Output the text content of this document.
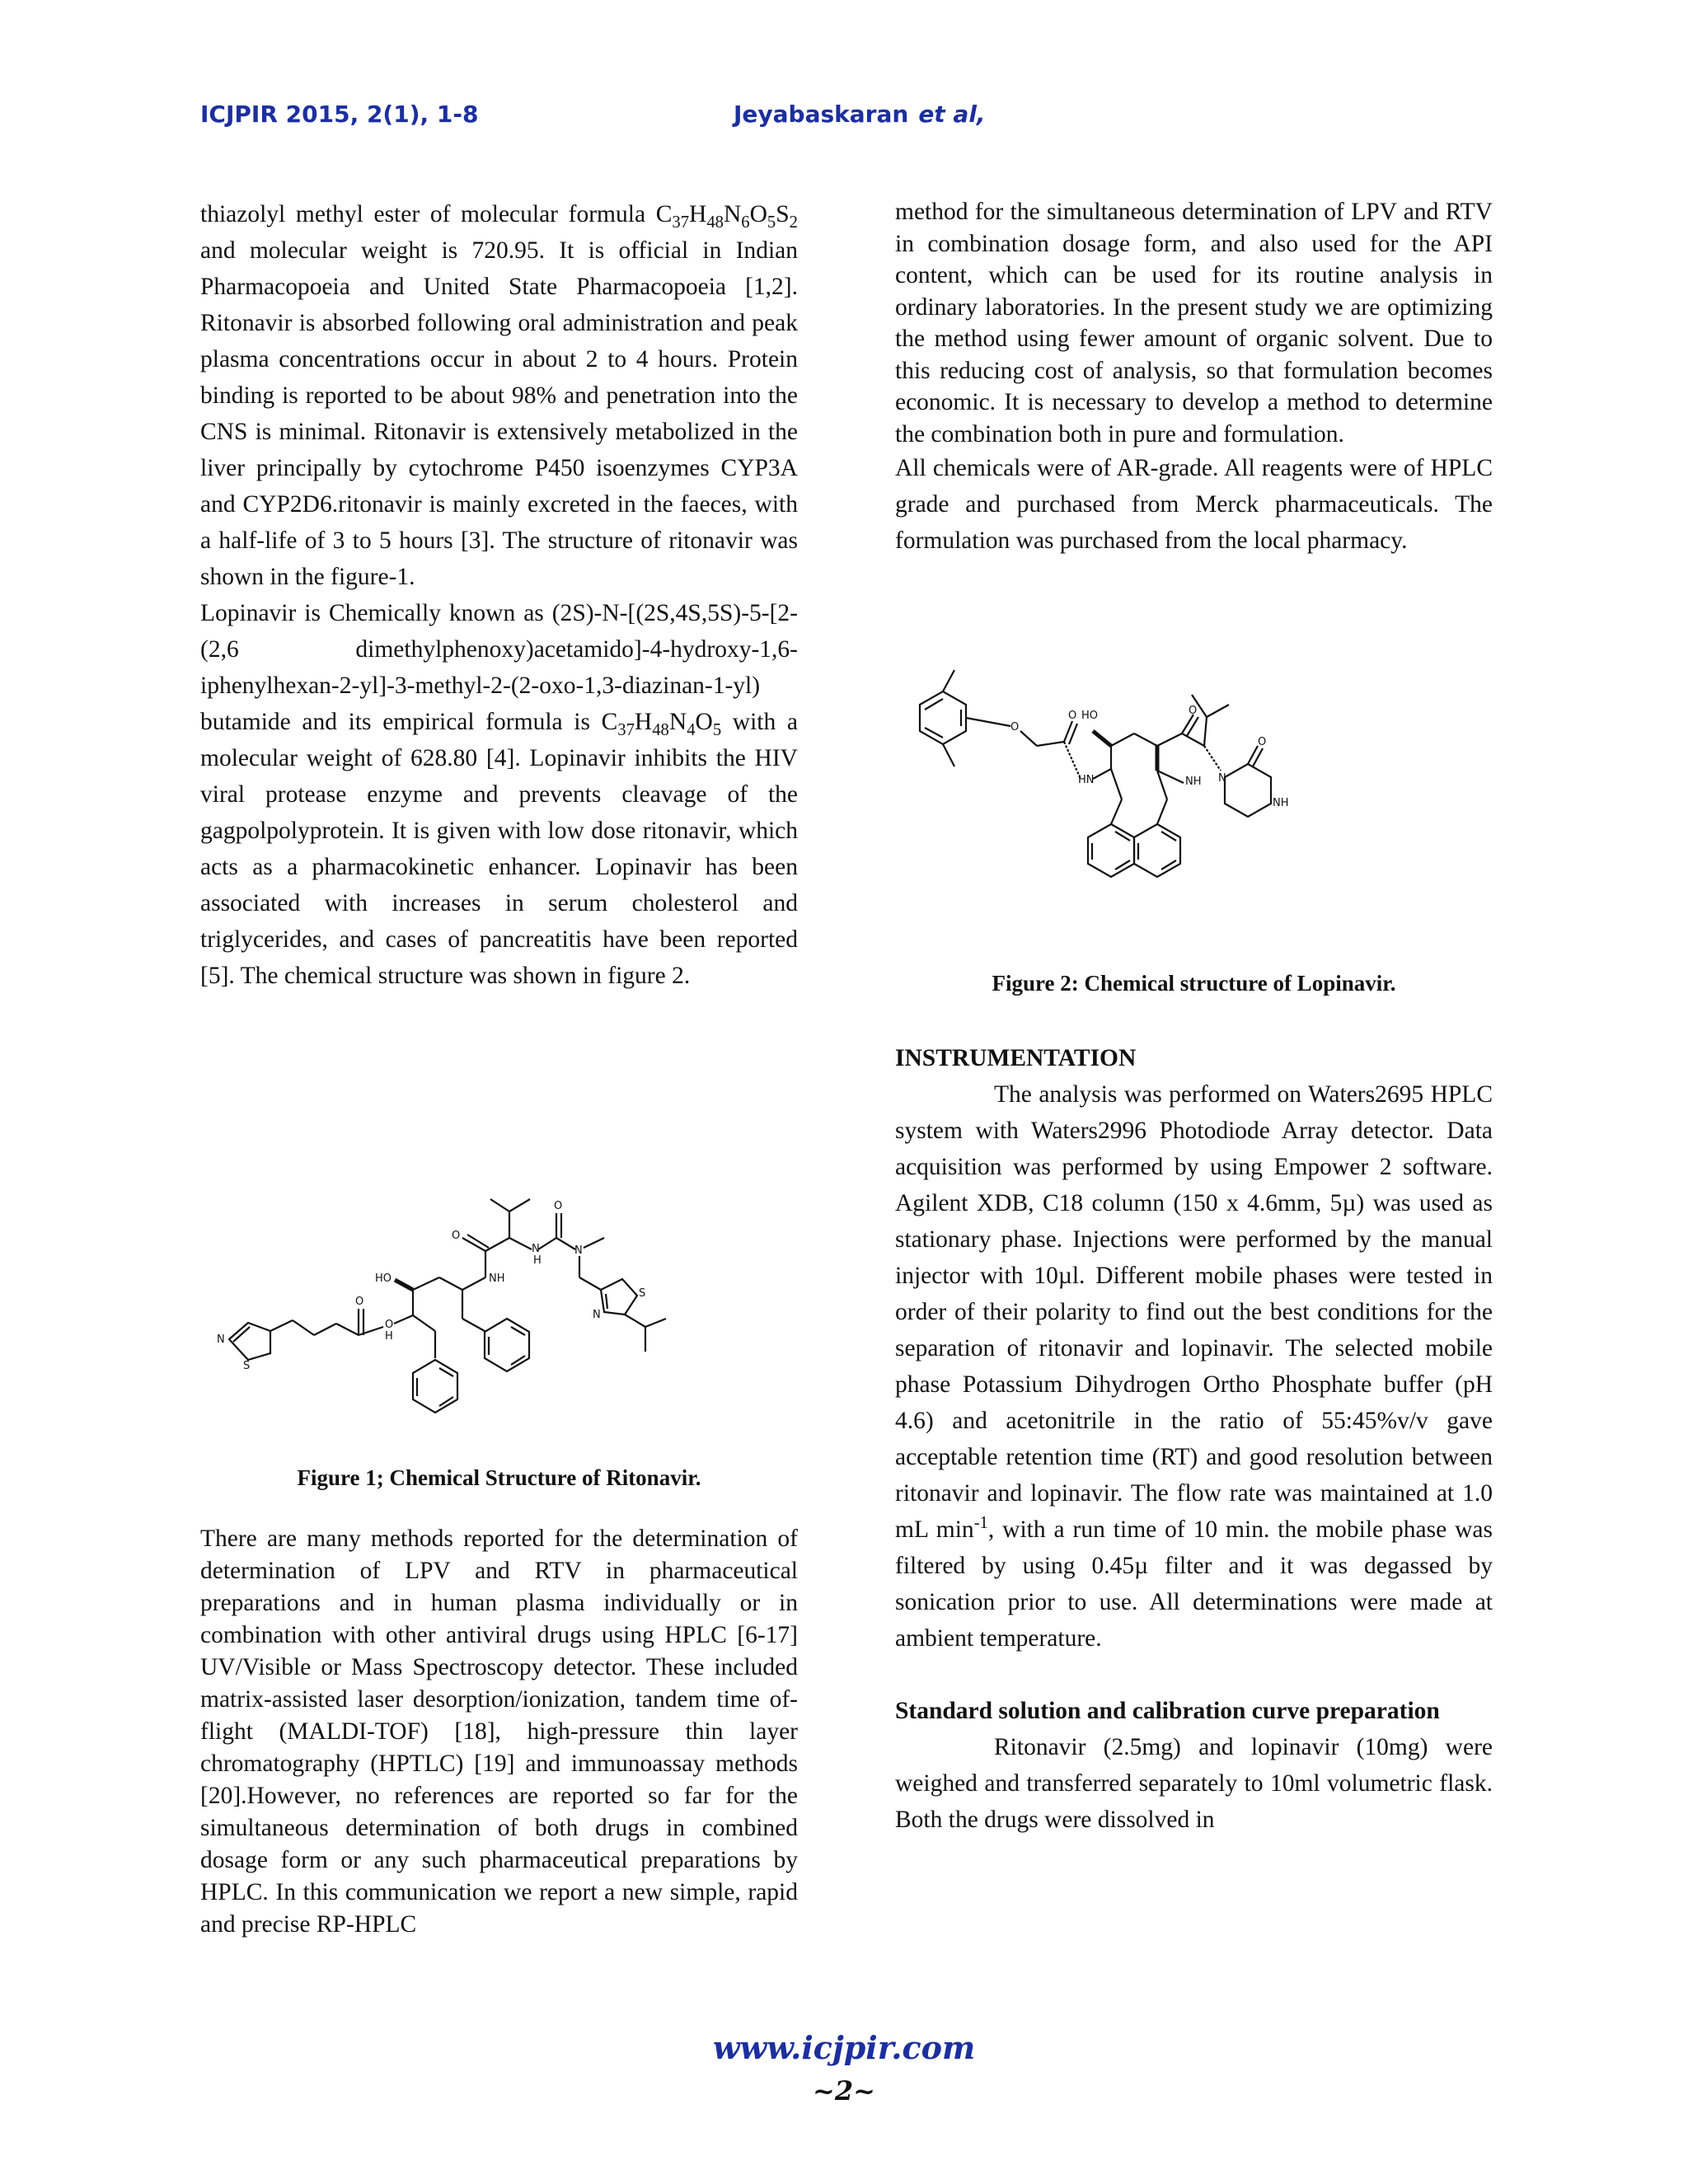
ICJPIR 2015, 2(1), 1-8	Jeyabaskaran et al,

thiazolyl methyl ester of molecular formula $C_{37}H_{48}N_6O_5S_2$ and molecular weight is 720.95. It is official in Indian Pharmacopoeia and United State Pharmacopoeia [1,2]. Ritonavir is absorbed following oral administration and peak plasma concentrations occur in about 2 to 4 hours. Protein binding is reported to be about 98% and penetration into the CNS is minimal. Ritonavir is extensively metabolized in the liver principally by cytochrome P450 isoenzymes CYP3A and CYP2D6.ritonavir is mainly excreted in the faeces, with a half-life of 3 to 5 hours [3]. The structure of ritonavir was shown in the figure-1.

Lopinavir is Chemically known as (2S)-N-[(2S,4S,5S)-5-[2-(2,6 dimethylphenoxy)acetamido]-4-hydroxy-1,6-iphenylhexan-2-yl]-3-methyl-2-(2-oxo-1,3-diazinan-1-yl) butamide and its empirical formula is $C_{37}H_{48}N_4O_5$ with a molecular weight of 628.80 [4]. Lopinavir inhibits the HIV viral protease enzyme and prevents cleavage of the gagpolpolyprotein. It is given with low dose ritonavir, which acts as a pharmacokinetic enhancer. Lopinavir has been associated with increases in serum cholesterol and triglycerides, and cases of pancreatitis have been reported [5]. The chemical structure was shown in figure 2.

O
O
N
H
HO	NH
N
S
N
O
O
H
N
S
Figure 1; Chemical Structure of Ritonavir.

There are many methods reported for the determination of determination of LPV and RTV in pharmaceutical preparations and in human plasma individually or in combination with other antiviral drugs using HPLC [6-17] UV/Visible or Mass Spectroscopy detector. These included matrix-assisted laser desorption/ionization, tandem time of-flight (MALDI-TOF) [18], high-pressure thin layer chromatography (HPTLC) [19] and immunoassay methods [20].However, no references are reported so far for the simultaneous determination of both drugs in combined dosage form or any such pharmaceutical preparations by HPLC. In this communication we report a new simple, rapid and precise RP-HPLC

method for the simultaneous determination of LPV and RTV in combination dosage form, and also used for the API content, which can be used for its routine analysis in ordinary laboratories. In the present study we are optimizing the method using fewer amount of organic solvent. Due to this reducing cost of analysis, so that formulation becomes economic. It is necessary to develop a method to determine the combination both in pure and formulation.

All chemicals were of AR-grade. All reagents were of HPLC grade and purchased from Merck pharmaceuticals. The formulation was purchased from the local pharmacy.

O
O HO	O
O
HN	NH N
NH
Figure 2: Chemical structure of Lopinavir.

INSTRUMENTATION

The analysis was performed on Waters2695 HPLC system with Waters2996 Photodiode Array detector. Data acquisition was performed by using Empower 2 software. Agilent XDB, C18 column (150 x 4.6mm, 5µ) was used as stationary phase. Injections were performed by the manual injector with 10µl. Different mobile phases were tested in order of their polarity to find out the best conditions for the separation of ritonavir and lopinavir. The selected mobile phase Potassium Dihydrogen Ortho Phosphate buffer (pH 4.6) and acetonitrile in the ratio of 55:45%v/v gave acceptable retention time (RT) and good resolution between ritonavir and lopinavir. The flow rate was maintained at 1.0 mL $\min^{-1}$, with a run time of 10 min. the mobile phase was filtered by using 0.45µ filter and it was degassed by sonication prior to use. All determinations were made at ambient temperature.

Standard solution and calibration curve preparation

Ritonavir (2.5mg) and lopinavir (10mg) were weighed and transferred separately to 10ml volumetric flask. Both the drugs were dissolved in

www.icjpir.com
~2~
